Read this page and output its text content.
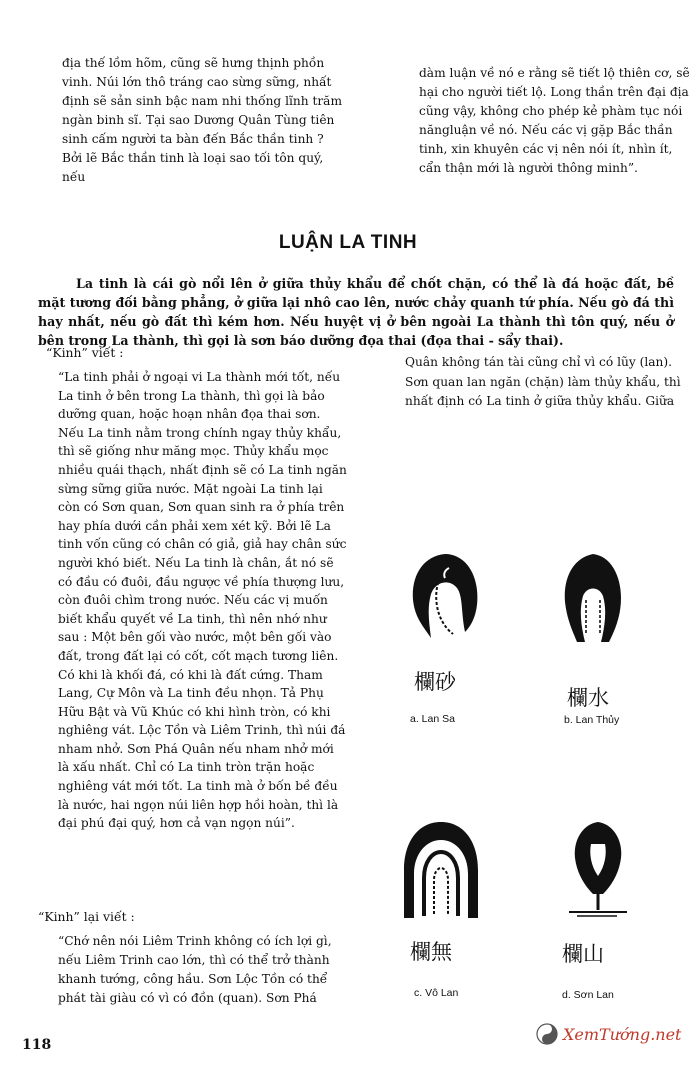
địa thế lồm hõm, cũng sẽ hưng thịnh phồn vinh. Núi lớn thô tráng cao sừng sững, nhất định sẽ sản sinh bậc nam nhi thống lĩnh trăm ngàn binh sĩ. Tại sao Dương Quân Tùng tiên sinh cấm người ta bàn đến Bắc thần tinh ? Bởi lẽ Bắc thần tinh là loại sao tối tôn quý, nếu

dàm luận về nó e rằng sẽ tiết lộ thiên cơ, sẽ hại cho người tiết lộ. Long thần trên đại địa cũng vậy, không cho phép kẻ phàm tục nói năngluận về nó. Nếu các vị gặp Bắc thần tinh, xin khuyên các vị nên nói ít, nhìn ít, cẩn thận mới là người thông minh”.

LUẬN LA TINH

La tinh là cái gò nổi lên ở giữa thủy khẩu để chốt chặn, có thể là đá hoặc đất, bề mặt tương đối bằng phẳng, ở giữa lại nhô cao lên, nước chảy quanh tứ phía. Nếu gò đá thì hay nhất, nếu gò đất thì kém hơn. Nếu huyệt vị ở bên ngoài La thành thì tôn quý, nếu ở bên trong La thành, thì gọi là sơn báo dưỡng đọa thai (đọa thai - sẩy thai).

“Kinh” viết :

“La tinh phải ở ngoại vi La thành mới tốt, nếu La tinh ở bên trong La thành, thì gọi là bảo dưỡng quan, hoặc hoạn nhân đọa thai sơn. Nếu La tinh nằm trong chính ngay thủy khẩu, thì sẽ giống như măng mọc. Thủy khẩu mọc nhiều quái thạch, nhất định sẽ có La tinh ngăn sừng sững giữa nước. Mặt ngoài La tinh lại còn có Sơn quan, Sơn quan sinh ra ở phía trên hay phía dưới cần phải xem xét kỹ. Bởi lẽ La tinh vốn cũng có chân có giả, giả hay chân sức người khó biết. Nếu La tinh là chân, ắt nó sẽ có đầu có đuôi, đầu ngược về phía thượng lưu, còn đuôi chìm trong nước. Nếu các vị muốn biết khẩu quyết về La tinh, thì nên nhớ như sau : Một bên gối vào nước, một bên gối vào đất, trong đất lại có cốt, cốt mạch tương liên. Có khi là khối đá, có khi là đất cứng. Tham Lang, Cự Môn và La tinh đều nhọn. Tả Phụ Hữu Bật và Vũ Khúc có khi hình tròn, có khi nghiêng vát. Lộc Tồn và Liêm Trinh, thì núi đá nham nhở. Sơn Phá Quân nếu nham nhở mới là xấu nhất. Chỉ có La tinh tròn trặn hoặc nghiêng vát mới tốt. La tinh mà ở bốn bề đều là nước, hai ngọn núi liên hợp hồi hoàn, thì là đại phú đại quý, hơn cả vạn ngọn núi”.

“Kinh” lại viết :

“Chớ nên nói Liêm Trinh không có ích lợi gì, nếu Liêm Trinh cao lớn, thì có thể trở thành khanh tướng, công hầu. Sơn Lộc Tồn có thể phát tài giàu có vì có đồn (quan). Sơn Phá

Quân không tán tài cũng chỉ vì có lũy (lan). Sơn quan lan ngăn (chặn) làm thủy khẩu, thì nhất định có La tinh ở giữa thủy khẩu. Giữa

欄砂
a. Lan Sa
欄水
b. Lan Thủy
欄無
c. Vô Lan
欄山
d. Sơn Lan
118
XemTướng.net
